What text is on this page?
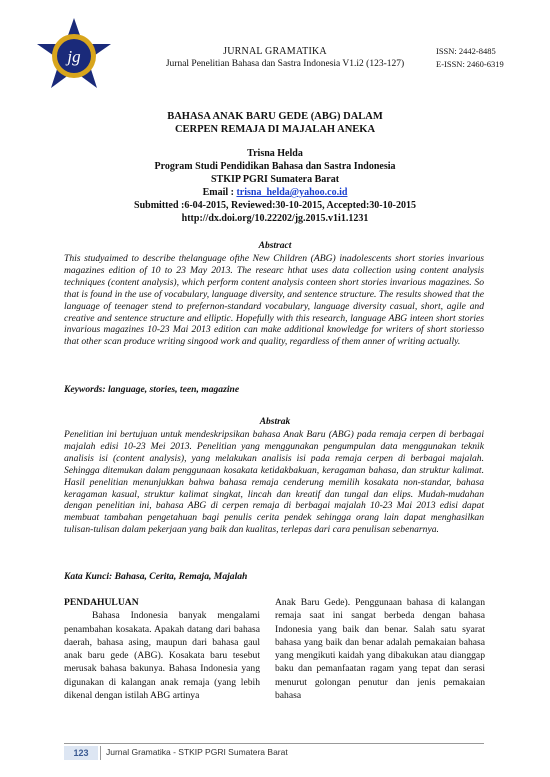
jg	JURNAL GRAMATIKA
Jurnal Penelitian Bahasa dan Sastra Indonesia V1.i2 (123-127)
ISSN: 2442-8485
E-ISSN: 2460-6319
BAHASA ANAK BARU GEDE (ABG) DALAM
CERPEN REMAJA DI MAJALAH ANEKA
Trisna Helda
Program Studi Pendidikan Bahasa dan Sastra Indonesia
STKIP PGRI Sumatera Barat
Email : trisna_helda@yahoo.co.id
Submitted :6-04-2015, Reviewed:30-10-2015, Accepted:30-10-2015
http://dx.doi.org/10.22202/jg.2015.v1i1.1231
Abstract
This studyaimed to describe thelanguage ofthe New Children (ABG) inadolescents short stories invarious magazines edition of 10 to 23 May 2013. The researc hthat uses data collection using content analysis techniques (content analysis), which perform content analysis conteen short stories invarious magazines. So that is found in the use of vocabulary, language diversity, and sentence structure. The results showed that the language of teenager stend to prefernon-standard vocabulary, language diversity casual, short, agile and creative and sentence structure and elliptic. Hopefully with this research, language ABG inteen short stories invarious magazines 10-23 Mai 2013 edition can make additional knowledge for writers of short storiesso that other scan produce writing singood work and quality, regardless of them anner of writing actually.
Keywords: language, stories, teen, magazine
Abstrak
Penelitian ini bertujuan untuk mendeskripsikan bahasa Anak Baru (ABG) pada remaja cerpen di berbagai majalah edisi 10-23 Mei 2013. Penelitian yang menggunakan pengumpulan data menggunakan teknik analisis isi (content analysis), yang melakukan analisis isi pada remaja cerpen di berbagai majalah. Sehingga ditemukan dalam penggunaan kosakata ketidakbakuan, keragaman bahasa, dan struktur kalimat. Hasil penelitian menunjukkan bahwa bahasa remaja cenderung memilih kosakata non-standar, bahasa keragaman kasual, struktur kalimat singkat, lincah dan kreatif dan tungal dan elips. Mudah-mudahan dengan penelitian ini, bahasa ABG di cerpen remaja di berbagai majalah 10-23 Mai 2013 edisi dapat membuat tambahan pengetahuan bagi penulis cerita pendek sehingga orang lain dapat menghasilkan tulisan-tulisan dalam pekerjaan yang baik dan kualitas, terlepas dari cara penulisan sebenarnya.
Kata Kunci: Bahasa, Cerita, Remaja, Majalah
PENDAHULUAN
Bahasa Indonesia banyak mengalami penambahan kosakata. Apakah datang dari bahasa daerah, bahasa asing, maupun dari bahasa gaul anak baru gede (ABG). Kosakata baru tesebut merusak bahasa bakunya. Bahasa Indonesia yang digunakan di kalangan anak remaja (yang lebih dikenal dengan istilah ABG artinya
Anak Baru Gede). Penggunaan bahasa di kalangan remaja saat ini sangat berbeda dengan bahasa Indonesia yang baik dan benar. Salah satu syarat bahasa yang baik dan benar adalah pemakaian bahasa yang mengikuti kaidah yang dibakukan atau dianggap baku dan pemanfaatan ragam yang tepat dan serasi menurut golongan penutur dan jenis pemakaian bahasa
123	Jurnal Gramatika - STKIP PGRI Sumatera Barat
